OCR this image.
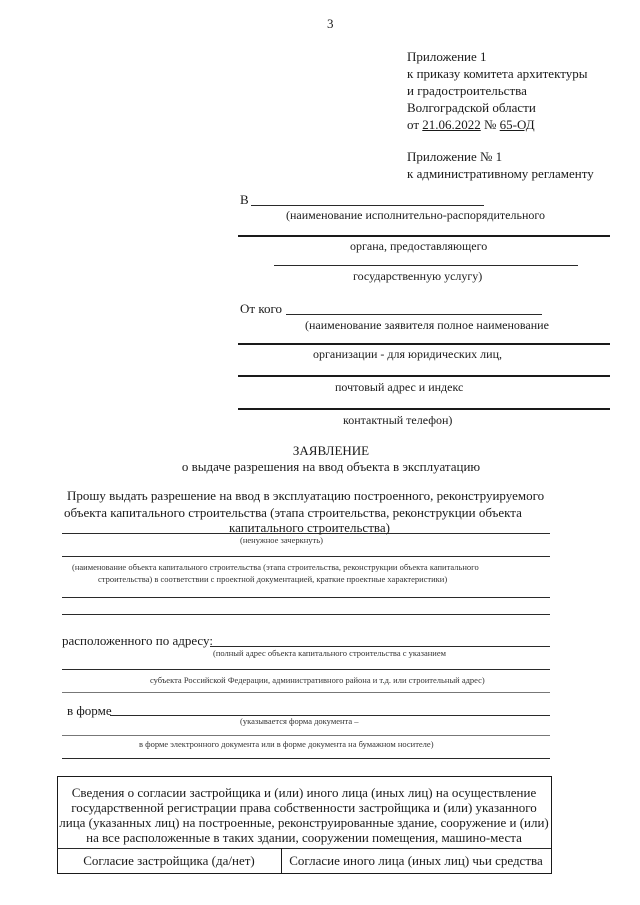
3
Приложение 1
к приказу комитета архитектуры
и градостроительства
Волгоградской области
от 21.06.2022 № 65-ОД
Приложение № 1
к административному регламенту
В
(наименование исполнительно-распорядительного
органа, предоставляющего
государственную услугу)
От кого
(наименование заявителя полное наименование
организации - для юридических лиц,
почтовый адрес и индекс
контактный телефон)
ЗАЯВЛЕНИЕ
о выдаче разрешения на ввод объекта в эксплуатацию
Прошу выдать разрешение на ввод в эксплуатацию построенного, реконструируемого
объекта капитального строительства (этапа строительства, реконструкции объекта
капитального строительства)
(ненужное зачеркнуть)
(наименование объекта капитального строительства (этапа строительства, реконструкции объекта капитального
строительства) в соответствии с проектной документацией, краткие проектные характеристики)
расположенного по адресу:
(полный адрес объекта капитального строительства с указанием
субъекта Российской Федерации, административного района и т.д. или строительный адрес)
в форме
(указывается форма документа –
в форме электронного документа или в форме документа на бумажном носителе)
Сведения о согласии застройщика и (или) иного лица (иных лиц) на осуществление
государственной регистрации права собственности застройщика и (или) указанного
лица (указанных лиц) на построенные, реконструированные здание, сооружение и (или)
на все расположенные в таких здании, сооружении помещения, машино-места
Согласие застройщика (да/нет)	Согласие иного лица (иных лиц) чьи средства
